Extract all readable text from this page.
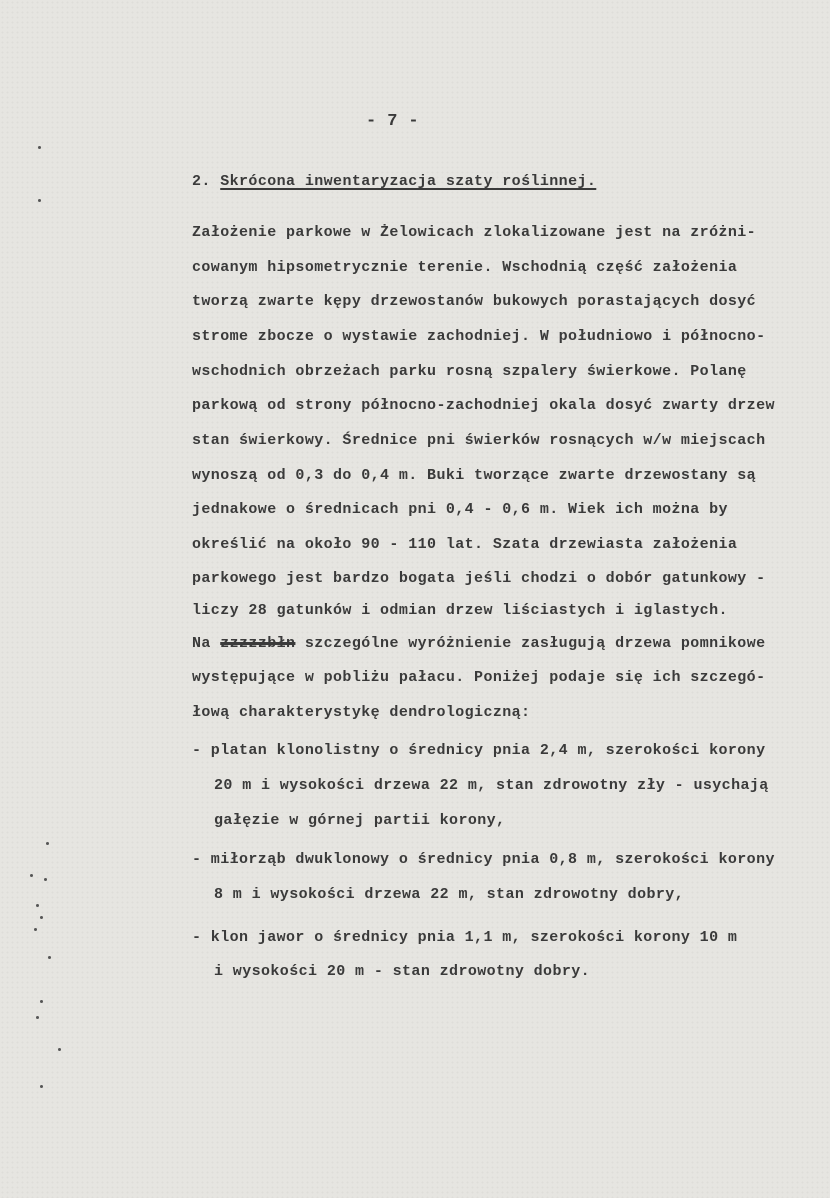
- 7 -
2. Skrócona inwentaryzacja szaty roślinnej.
Założenie parkowe w Żelowicach zlokalizowane jest na zróżni-
cowanym hipsometrycznie terenie. Wschodnią część założenia
tworzą zwarte kępy drzewostanów bukowych porastających dosyć
strome zbocze o wystawie zachodniej. W południowo i północno-
wschodnich obrzeżach parku rosną szpalery świerkowe. Polanę
parkową od strony północno-zachodniej okala dosyć zwarty drzew
stan świerkowy. Średnice pni świerków rosnących w/w miejscach
wynoszą od 0,3 do 0,4 m. Buki tworzące zwarte drzewostany są
jednakowe o średnicach pni 0,4 - 0,6 m. Wiek ich można by
określić na około 90 - 110 lat. Szata drzewiasta założenia
parkowego jest bardzo bogata jeśli chodzi o dobór gatunkowy -
liczy 28 gatunków i odmian drzew liściastych i iglastych.
Na zzzzzbłn szczególne wyróżnienie zasługują drzewa pomnikowe
występujące w pobliżu pałacu. Poniżej podaje się ich szczegó-
łową charakterystykę dendrologiczną:
- platan klonolistny o średnicy pnia 2,4 m, szerokości korony
20 m i wysokości drzewa 22 m, stan zdrowotny zły - usychają
gałęzie w górnej partii korony,
- miłorząb dwuklonowy o średnicy pnia 0,8 m, szerokości korony
8 m i wysokości drzewa 22 m, stan zdrowotny dobry,
- klon jawor o średnicy pnia 1,1 m, szerokości korony 10 m
i wysokości 20 m - stan zdrowotny dobry.
